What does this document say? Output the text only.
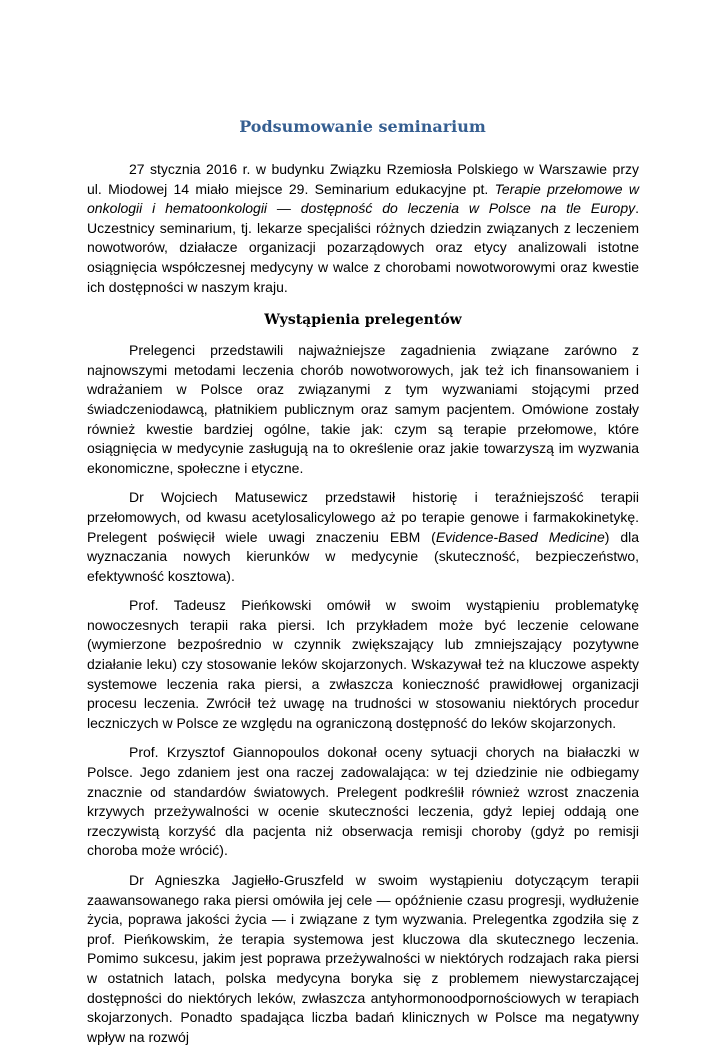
Podsumowanie seminarium

27 stycznia 2016 r. w budynku Związku Rzemiosła Polskiego w Warszawie przy ul. Miodowej 14 miało miejsce 29. Seminarium edukacyjne pt. Terapie przełomowe w onkologii i hematoonkologii — dostępność do leczenia w Polsce na tle Europy. Uczestnicy seminarium, tj. lekarze specjaliści różnych dziedzin związanych z leczeniem nowotworów, działacze organizacji pozarządowych oraz etycy analizowali istotne osiągnięcia współczesnej medycyny w walce z chorobami nowotworowymi oraz kwestie ich dostępności w naszym kraju.

Wystąpienia prelegentów

Prelegenci przedstawili najważniejsze zagadnienia związane zarówno z najnowszymi metodami leczenia chorób nowotworowych, jak też ich finansowaniem i wdrażaniem w Polsce oraz związanymi z tym wyzwaniami stojącymi przed świadczeniodawcą, płatnikiem publicznym oraz samym pacjentem. Omówione zostały również kwestie bardziej ogólne, takie jak: czym są terapie przełomowe, które osiągnięcia w medycynie zasługują na to określenie oraz jakie towarzyszą im wyzwania ekonomiczne, społeczne i etyczne.

Dr Wojciech Matusewicz przedstawił historię i teraźniejszość terapii przełomowych, od kwasu acetylosalicylowego aż po terapie genowe i farmakokinetykę. Prelegent poświęcił wiele uwagi znaczeniu EBM (Evidence-Based Medicine) dla wyznaczania nowych kierunków w medycynie (skuteczność, bezpieczeństwo, efektywność kosztowa).

Prof. Tadeusz Pieńkowski omówił w swoim wystąpieniu problematykę nowoczesnych terapii raka piersi. Ich przykładem może być leczenie celowane (wymierzone bezpośrednio w czynnik zwiększający lub zmniejszający pozytywne działanie leku) czy stosowanie leków skojarzonych. Wskazywał też na kluczowe aspekty systemowe leczenia raka piersi, a zwłaszcza konieczność prawidłowej organizacji procesu leczenia. Zwrócił też uwagę na trudności w stosowaniu niektórych procedur leczniczych w Polsce ze względu na ograniczoną dostępność do leków skojarzonych.

Prof. Krzysztof Giannopoulos dokonał oceny sytuacji chorych na białaczki w Polsce. Jego zdaniem jest ona raczej zadowalająca: w tej dziedzinie nie odbiegamy znacznie od standardów światowych. Prelegent podkreślił również wzrost znaczenia krzywych przeżywalności w ocenie skuteczności leczenia, gdyż lepiej oddają one rzeczywistą korzyść dla pacjenta niż obserwacja remisji choroby (gdyż po remisji choroba może wrócić).

Dr Agnieszka Jagiełło-Gruszfeld w swoim wystąpieniu dotyczącym terapii zaawansowanego raka piersi omówiła jej cele — opóźnienie czasu progresji, wydłużenie życia, poprawa jakości życia — i związane z tym wyzwania. Prelegentka zgodziła się z prof. Pieńkowskim, że terapia systemowa jest kluczowa dla skutecznego leczenia. Pomimo sukcesu, jakim jest poprawa przeżywalności w niektórych rodzajach raka piersi w ostatnich latach, polska medycyna boryka się z problemem niewystarczającej dostępności do niektórych leków, zwłaszcza antyhormonoodpornościowych w terapiach skojarzonych. Ponadto spadająca liczba badań klinicznych w Polsce ma negatywny wpływ na rozwój
